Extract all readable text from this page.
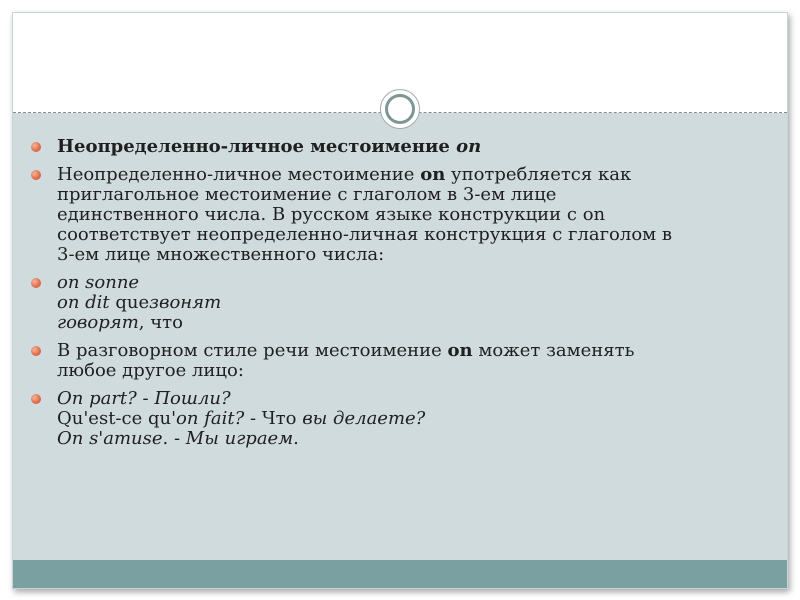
Неопределенно-личное местоимение on
Неопределенно-личное местоимение on употребляется как
приглагольное местоимение с глаголом в 3-ем лице
единственного числа. В русском языке конструкции с on
соответствует неопределенно-личная конструкция с глаголом в
3-ем лице множественного числа:
on sonne
on dit queзвонят
говорят, что
В разговорном стиле речи местоимение on может заменять
любое другое лицо:
On part? - Пошли?
Qu'est-ce qu'on fait? - Что вы делаете?
On s'amuse. - Мы играем.
